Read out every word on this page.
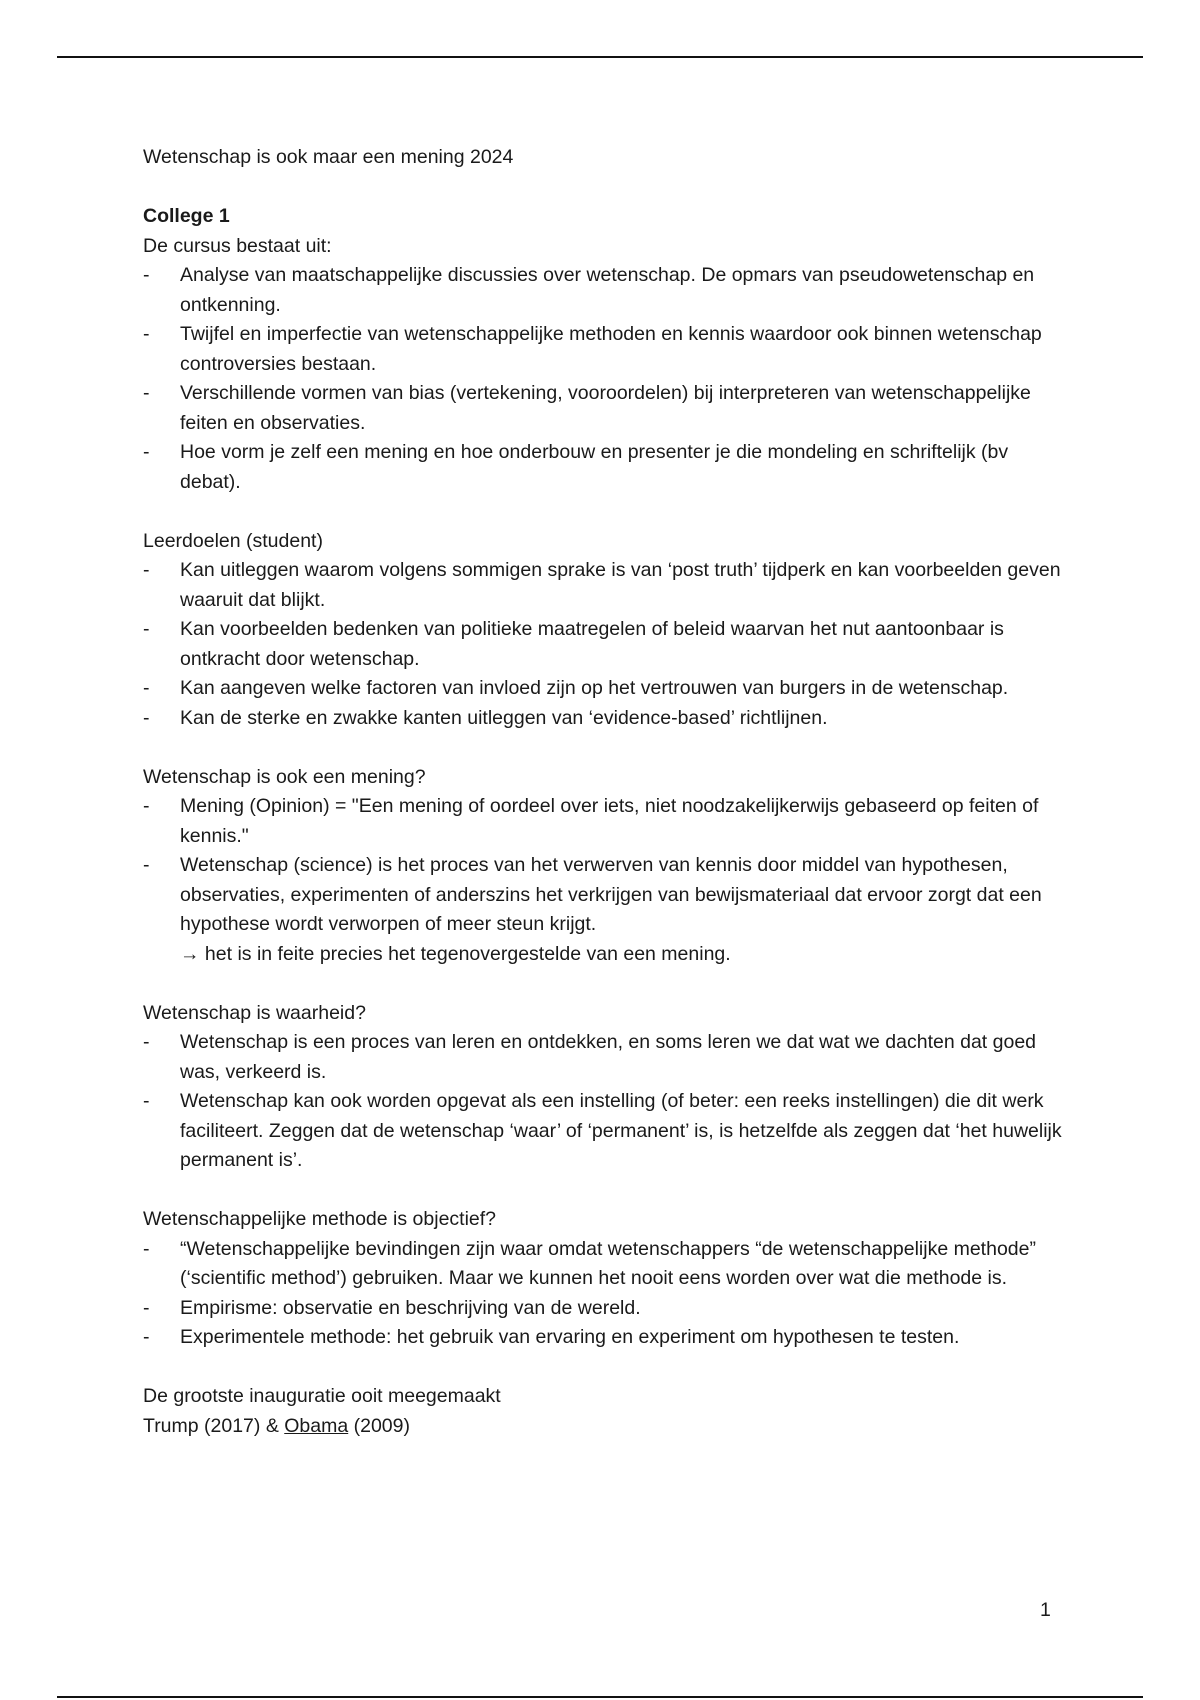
Wetenschap is ook maar een mening 2024

College 1

De cursus bestaat uit:

- Analyse van maatschappelijke discussies over wetenschap. De opmars van pseudowetenschap en ontkenning.
- Twijfel en imperfectie van wetenschappelijke methoden en kennis waardoor ook binnen wetenschap controversies bestaan.
- Verschillende vormen van bias (vertekening, vooroordelen) bij interpreteren van wetenschappelijke feiten en observaties.
- Hoe vorm je zelf een mening en hoe onderbouw en presenter je die mondeling en schriftelijk (bv debat).

Leerdoelen (student)

- Kan uitleggen waarom volgens sommigen sprake is van ‘post truth’ tijdperk en kan voorbeelden geven waaruit dat blijkt.
- Kan voorbeelden bedenken van politieke maatregelen of beleid waarvan het nut aantoonbaar is ontkracht door wetenschap.
- Kan aangeven welke factoren van invloed zijn op het vertrouwen van burgers in de wetenschap.
- Kan de sterke en zwakke kanten uitleggen van ‘evidence-based’ richtlijnen.

Wetenschap is ook een mening?

- Mening (Opinion) = "Een mening of oordeel over iets, niet noodzakelijkerwijs gebaseerd op feiten of kennis."
- Wetenschap (science) is het proces van het verwerven van kennis door middel van hypothesen, observaties, experimenten of anderszins het verkrijgen van bewijsmateriaal dat ervoor zorgt dat een hypothese wordt verworpen of meer steun krijgt.
→ het is in feite precies het tegenovergestelde van een mening.

Wetenschap is waarheid?

- Wetenschap is een proces van leren en ontdekken, en soms leren we dat wat we dachten dat goed was, verkeerd is.
- Wetenschap kan ook worden opgevat als een instelling (of beter: een reeks instellingen) die dit werk faciliteert. Zeggen dat de wetenschap ‘waar’ of ‘permanent’ is, is hetzelfde als zeggen dat ‘het huwelijk permanent is’.

Wetenschappelijke methode is objectief?

- “Wetenschappelijke bevindingen zijn waar omdat wetenschappers “de wetenschappelijke methode” (‘scientific method’) gebruiken. Maar we kunnen het nooit eens worden over wat die methode is.
- Empirisme: observatie en beschrijving van de wereld.
- Experimentele methode: het gebruik van ervaring en experiment om hypothesen te testen.

De grootste inauguratie ooit meegemaakt

Trump (2017) & Obama (2009)

1
